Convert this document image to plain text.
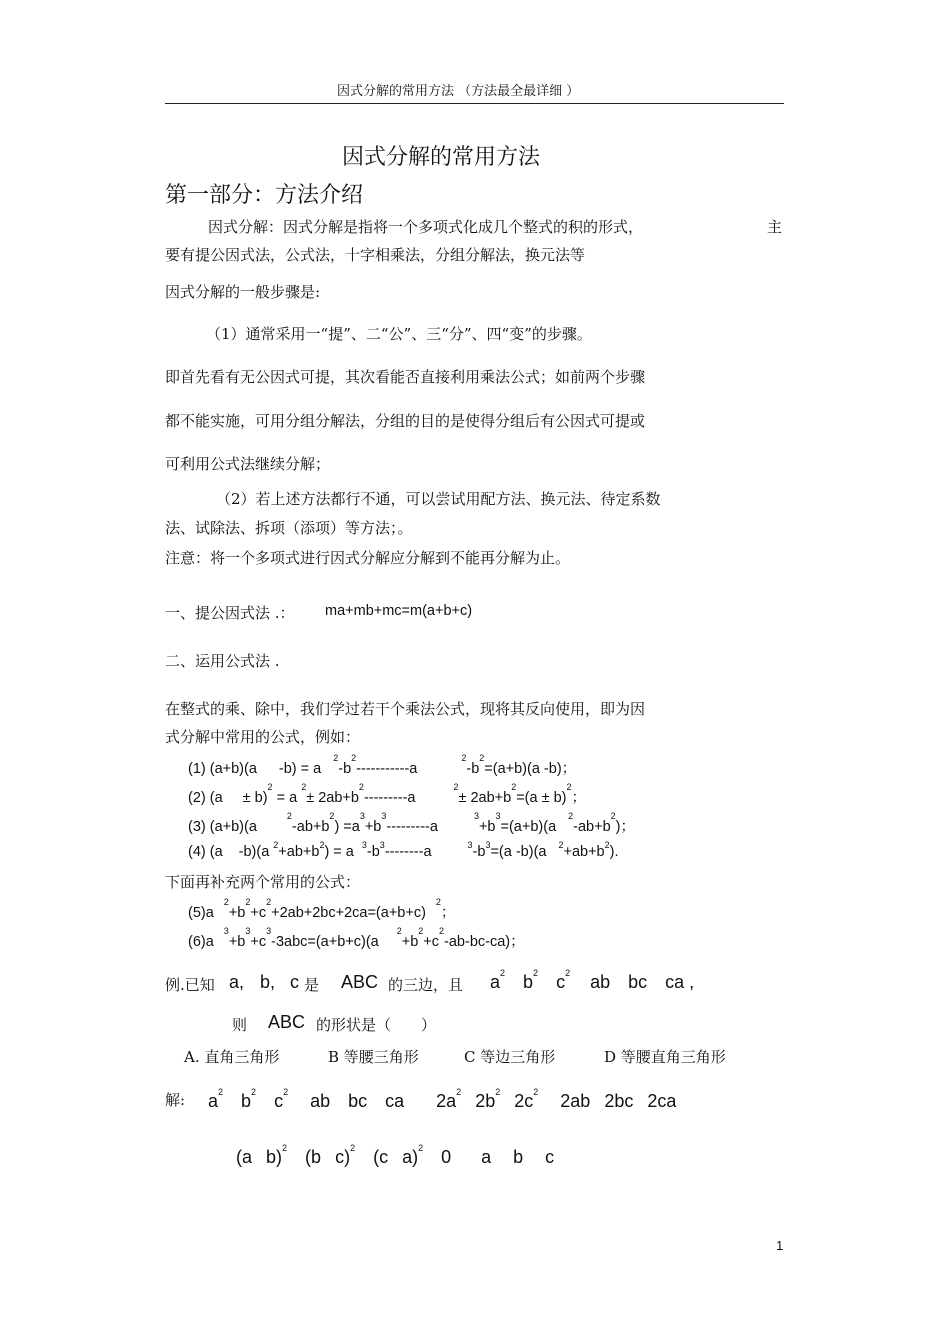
因式分解的常用方法 （方法最全最详细 ）
因式分解的常用方法
第一部分：方法介绍
因式分解：因式分解是指将一个多项式化成几个整式的积的形式，	主
要有提公因式法，公式法，十字相乘法，分组分解法，换元法等
因式分解的一般步骤是:
（1）通常采用一“提”、二“公”、三“分”、四“变”的步骤。
即首先看有无公因式可提，其次看能否直接利用乘法公式；如前两个步骤
都不能实施，可用分组分解法，分组的目的是使得分组后有公因式可提或
可利用公式法继续分解；
（2）若上述方法都行不通，可以尝试用配方法、换元法、待定系数
法、试除法、拆项（添项）等方法；。
注意：将一个多项式进行因式分解应分解到不能再分解为止。
一、提公因式法 .： ma+mb+mc=m(a+b+c)
二、运用公式法 .
在整式的乘、除中，我们学过若干个乘法公式，现将其反向使用，即为因
式分解中常用的公式，例如：
(1) (a+b)(a $-b) = a^2-b^2-----------a^2-b^2=(a+b)(a$ -b)；
(2) $(a \pm b)^2 = a$ $^2\pm 2ab+b^2---------a^2\pm 2ab+b^2=(a \pm b)^2$；
(3) $(a+b)(a^2-ab+b^2) =a^3+b^3---------a^3+b^3=(a+b)(a^2-ab+b^2)$；
(4) (a -b)(a $^2+ab+b^2) = a$ $^3-b^3--------a$	$^3-b^3=(a$ -b)(a $^2+ab+b^2$).
下面再补充两个常用的公式：
$(5)a^2+b^2+c^2+2ab+2bc+2ca=(a+b+c)^2$；
$(6)a^3+b^3+c^3-3abc=(a+b+c)(a^2+b^2+c^2-ab-bc-ca)$；
例.已知 a, b, c 是 ABC 的三边，且 $a^2$ $b^2$ $c^2$ ab bc ca ,
则 ABC 的形状是（　　）
A. 直角三角形	B 等腰三角形	C 等边三角形	D 等腰直角三角形
解: $a^2$ $b^2$ $c^2$ ab bc ca $2a^2$ $2b^2$ $2c^2$ 2ab 2bc 2ca
(a b)$^2$ (b c)$^2$ (c a)$^2$ 0 a b c
1
